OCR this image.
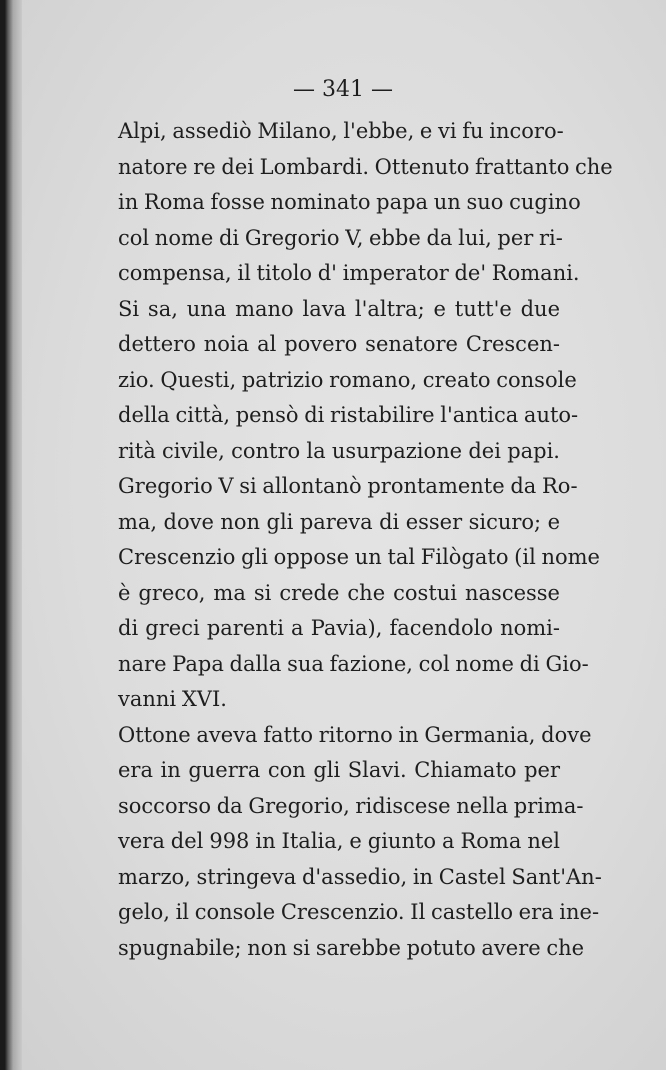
— 341 —
Alpi, assediò Milano, l'ebbe, e vi fu incoro-
natore re dei Lombardi. Ottenuto frattanto che
in Roma fosse nominato papa un suo cugino
col nome di Gregorio V, ebbe da lui, per ri-
compensa, il titolo d' imperator de' Romani.
Si sa, una mano lava l'altra; e tutt'e due
dettero noia al povero senatore Crescen-
zio. Questi, patrizio romano, creato console
della città, pensò di ristabilire l'antica auto-
rità civile, contro la usurpazione dei papi.
Gregorio V si allontanò prontamente da Ro-
ma, dove non gli pareva di esser sicuro; e
Crescenzio gli oppose un tal Filògato (il nome
è greco, ma si crede che costui nascesse
di greci parenti a Pavia), facendolo nomi-
nare Papa dalla sua fazione, col nome di Gio-
vanni XVI.
Ottone aveva fatto ritorno in Germania, dove
era in guerra con gli Slavi. Chiamato per
soccorso da Gregorio, ridiscese nella prima-
vera del 998 in Italia, e giunto a Roma nel
marzo, stringeva d'assedio, in Castel Sant'An-
gelo, il console Crescenzio. Il castello era ine-
spugnabile; non si sarebbe potuto avere che
